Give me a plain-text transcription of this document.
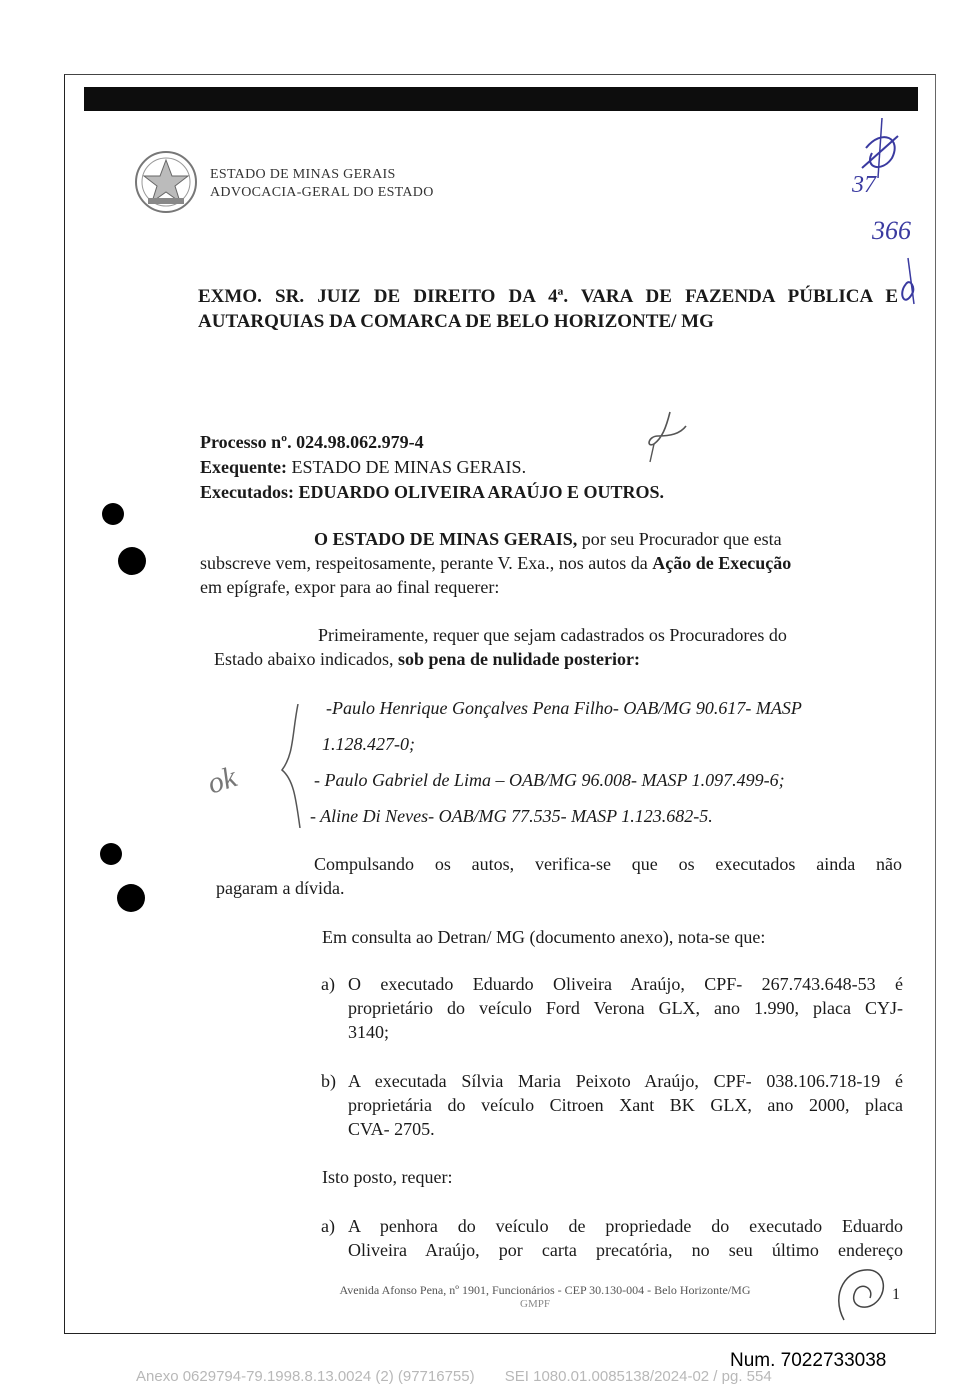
ESTADO DE MINAS GERAIS
ADVOCACIA-GERAL DO ESTADO	37
366
EXMO. SR. JUIZ DE DIREITO DA 4ª. VARA DE FAZENDA PÚBLICA E
AUTARQUIAS DA COMARCA DE BELO HORIZONTE/ MG
Processo nº. 024.98.062.979-4
Exequente: ESTADO DE MINAS GERAIS.
Executados: EDUARDO OLIVEIRA ARAÚJO E OUTROS.
O ESTADO DE MINAS GERAIS, por seu Procurador que esta
subscreve vem, respeitosamente, perante V. Exa., nos autos da Ação de Execução
em epígrafe, expor para ao final requerer:
Primeiramente, requer que sejam cadastrados os Procuradores do
Estado abaixo indicados, sob pena de nulidade posterior:
-Paulo Henrique Gonçalves Pena Filho- OAB/MG 90.617- MASP
1.128.427-0;
- Paulo Gabriel de Lima – OAB/MG 96.008- MASP 1.097.499-6;
- Aline Di Neves- OAB/MG 77.535- MASP 1.123.682-5.
ok
Compulsando os autos, verifica-se que os executados ainda não
pagaram a dívida.
Em consulta ao Detran/ MG (documento anexo), nota-se que:
a) O executado Eduardo Oliveira Araújo, CPF- 267.743.648-53 é
proprietário do veículo Ford Verona GLX, ano 1.990, placa CYJ-
3140;
b) A executada Sílvia Maria Peixoto Araújo, CPF- 038.106.718-19 é
proprietária do veículo Citroen Xant BK GLX, ano 2000, placa
CVA- 2705.
Isto posto, requer:
a) A penhora do veículo de propriedade do executado Eduardo
Oliveira Araújo, por carta precatória, no seu último endereço
Avenida Afonso Pena, nº 1901, Funcionários - CEP 30.130-004 - Belo Horizonte/MG
GMPF
1
Num. 7022733038
Anexo 0629794-79.1998.8.13.0024 (2) (97716755) SEI 1080.01.0085138/2024-02 / pg. 554
